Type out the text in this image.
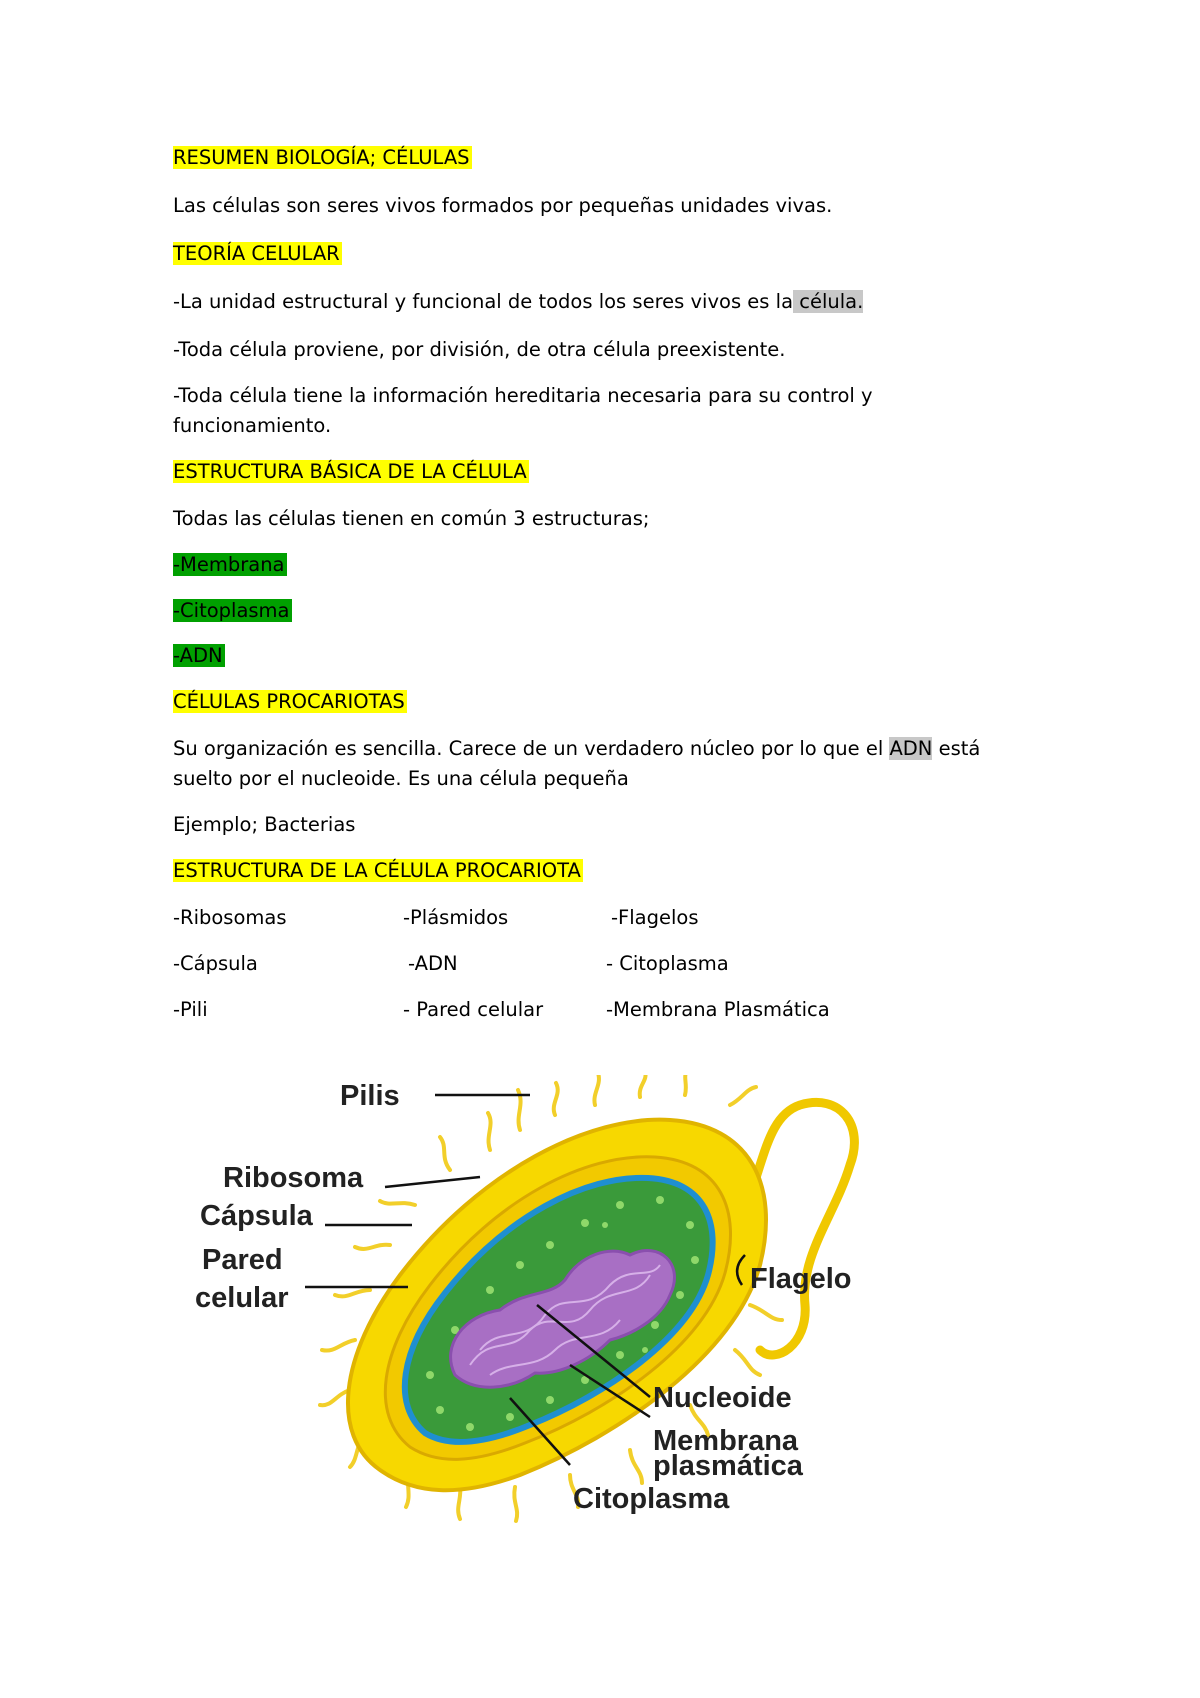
RESUMEN BIOLOGÍA; CÉLULAS
Las células son seres vivos formados por pequeñas unidades vivas.
TEORÍA CELULAR
-La unidad estructural y funcional de todos los seres vivos es la célula.
-Toda célula proviene, por división, de otra célula preexistente.
-Toda célula tiene la información hereditaria necesaria para su control y
funcionamiento.
ESTRUCTURA BÁSICA DE LA CÉLULA
Todas las células tienen en común 3 estructuras;
-Membrana
-Citoplasma
-ADN
CÉLULAS PROCARIOTAS
Su organización es sencilla. Carece de un verdadero núcleo por lo que el ADN está
suelto por el nucleoide. Es una célula pequeña
Ejemplo; Bacterias
ESTRUCTURA DE LA CÉLULA PROCARIOTA
-Ribosomas
-Cápsula
-Pili
-Plásmidos
-ADN
- Pared celular
-Flagelos
- Citoplasma
-Membrana Plasmática
Pilis
Ribosoma
Cápsula
Pared
celular
Flagelo
Nucleoide
Membrana
plasmática
Citoplasma
